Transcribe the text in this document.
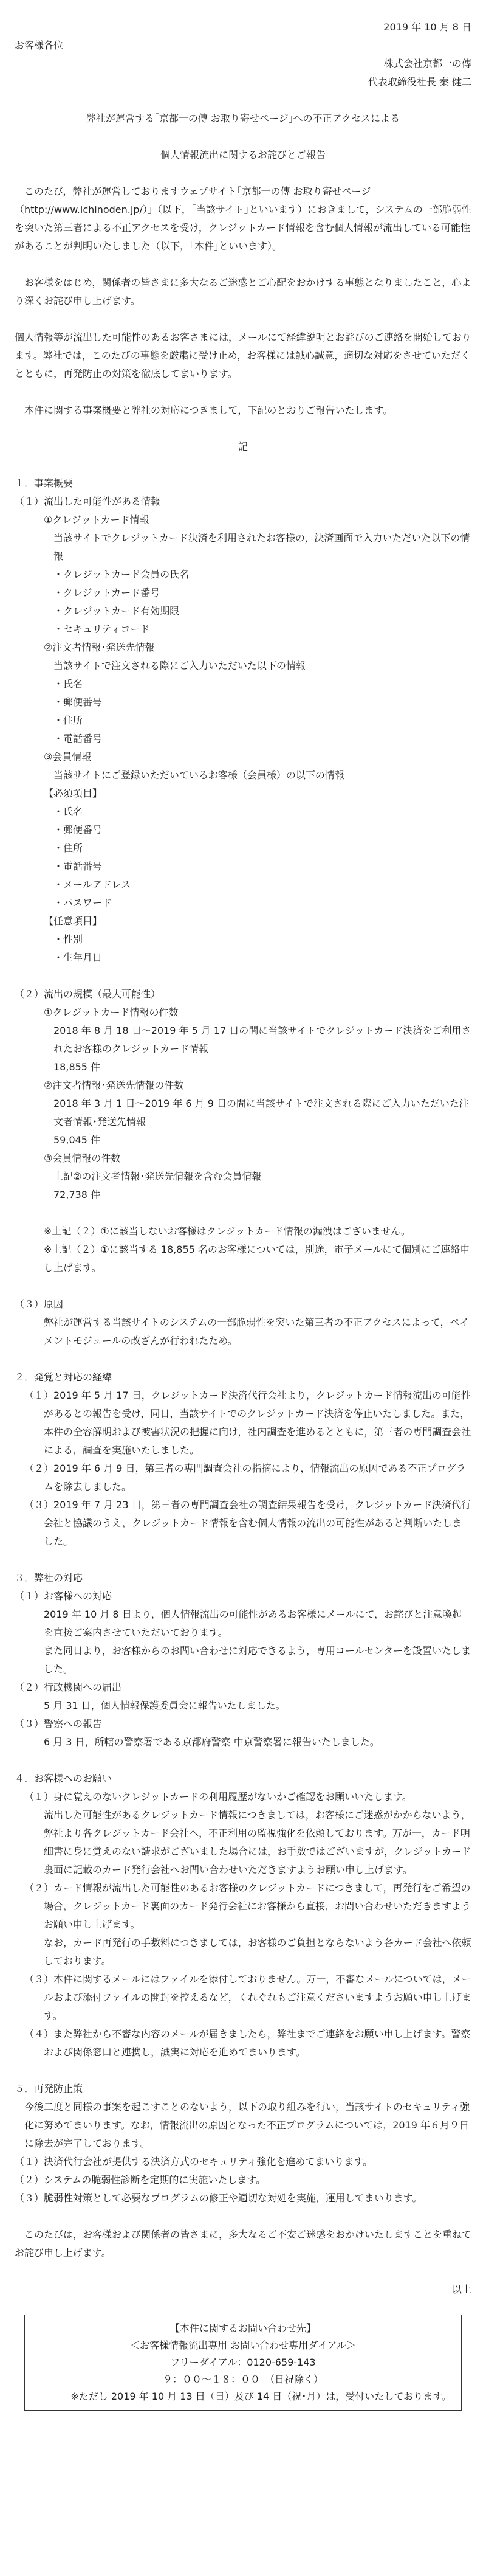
2019 年 10 月 8 日

お客様各位

株式会社京都一の傳

代表取締役社長 秦 健二

弊社が運営する｢京都一の傳 お取り寄せページ｣への不正アクセスによる

個人情報流出に関するお詫びとご報告

このたび，弊社が運営しておりますウェブサイト｢京都一の傳 お取り寄せページ（http://www.ichinoden.jp/）｣（以下，｢当該サイト｣といいます）におきまして，システムの一部脆弱性を突いた第三者による不正アクセスを受け，クレジットカード情報を含む個人情報が流出している可能性があることが判明いたしました（以下，｢本件｣といいます）。

お客様をはじめ，関係者の皆さまに多大なるご迷惑とご心配をおかけする事態となりましたこと，心より深くお詫び申し上げます。

個人情報等が流出した可能性のあるお客さまには，メールにて経緯説明とお詫びのご連絡を開始しております。弊社では，このたびの事態を厳粛に受け止め，お客様には誠心誠意，適切な対応をさせていただくとともに，再発防止の対策を徹底してまいります。

本件に関する事案概要と弊社の対応につきまして，下記のとおりご報告いたします。

記

１．事案概要

（１）流出した可能性がある情報

①クレジットカード情報

当該サイトでクレジットカード決済を利用されたお客様の，決済画面で入力いただいた以下の情報

・クレジットカード会員の氏名

・クレジットカード番号

・クレジットカード有効期限

・セキュリティコード

②注文者情報･発送先情報

当該サイトで注文される際にご入力いただいた以下の情報

・氏名

・郵便番号

・住所

・電話番号

③会員情報

当該サイトにご登録いただいているお客様（会員様）の以下の情報

【必須項目】

・氏名

・郵便番号

・住所

・電話番号

・メールアドレス

・パスワード

【任意項目】

・性別

・生年月日

（２）流出の規模（最大可能性）

①クレジットカード情報の件数

2018 年 8 月 18 日〜2019 年 5 月 17 日の間に当該サイトでクレジットカード決済をご利用されたお客様のクレジットカード情報

18,855 件

②注文者情報･発送先情報の件数

2018 年 3 月 1 日〜2019 年 6 月 9 日の間に当該サイトで注文される際にご入力いただいた注文者情報･発送先情報

59,045 件

③会員情報の件数

上記②の注文者情報･発送先情報を含む会員情報

72,738 件

※上記（２）①に該当しないお客様はクレジットカード情報の漏洩はございません。

※上記（２）①に該当する 18,855 名のお客様については，別途，電子メールにて個別にご連絡申し上げます。

（３）原因

弊社が運営する当該サイトのシステムの一部脆弱性を突いた第三者の不正アクセスによって，ペイメントモジュールの改ざんが行われたため。

２．発覚と対応の経緯

（１）2019 年 5 月 17 日，クレジットカード決済代行会社より，クレジットカード情報流出の可能性があるとの報告を受け，同日，当該サイトでのクレジットカード決済を停止いたしました。また，本件の全容解明および被害状況の把握に向け，社内調査を進めるとともに，第三者の専門調査会社による，調査を実施いたしました。

（２）2019 年 6 月 9 日，第三者の専門調査会社の指摘により，情報流出の原因である不正プログラムを除去しました。

（３）2019 年 7 月 23 日，第三者の専門調査会社の調査結果報告を受け，クレジットカード決済代行会社と協議のうえ，クレジットカード情報を含む個人情報の流出の可能性があると判断いたしました。

３．弊社の対応

（１）お客様への対応

2019 年 10 月 8 日より，個人情報流出の可能性があるお客様にメールにて，お詫びと注意喚起を直接ご案内させていただいております。

また同日より，お客様からのお問い合わせに対応できるよう，専用コールセンターを設置いたしました。

（２）行政機関への届出

5 月 31 日，個人情報保護委員会に報告いたしました。

（３）警察への報告

6 月 3 日，所轄の警察署である京都府警察 中京警察署に報告いたしました。

４．お客様へのお願い

（１）身に覚えのないクレジットカードの利用履歴がないかご確認をお願いいたします。

流出した可能性があるクレジットカード情報につきましては，お客様にご迷惑がかからないよう，弊社より各クレジットカード会社へ，不正利用の監視強化を依頼しております。万が一，カード明細書に身に覚えのない請求がございました場合には，お手数ではございますが，クレジットカード裏面に記載のカード発行会社へお問い合わせいただきますようお願い申し上げます。

（２）カード情報が流出した可能性のあるお客様のクレジットカードにつきまして，再発行をご希望の場合，クレジットカード裏面のカード発行会社にお客様から直接，お問い合わせいただきますようお願い申し上げます。

なお，カード再発行の手数料につきましては，お客様のご負担とならないよう各カード会社へ依頼しております。

（３）本件に関するメールにはファイルを添付しておりません。万一，不審なメールについては，メールおよび添付ファイルの開封を控えるなど，くれぐれもご注意くださいますようお願い申し上げます。

（４）また弊社から不審な内容のメールが届きましたら，弊社までご連絡をお願い申し上げます。警察および関係窓口と連携し，誠実に対応を進めてまいります。

５．再発防止策

今後二度と同様の事案を起こすことのないよう，以下の取り組みを行い，当該サイトのセキュリティ強化に努めてまいります。なお，情報流出の原因となった不正プログラムについては，2019 年６月９日に除去が完了しております。

（１）決済代行会社が提供する決済方式のセキュリティ強化を進めてまいります。

（２）システムの脆弱性診断を定期的に実施いたします。

（３）脆弱性対策として必要なプログラムの修正や適切な対処を実施，運用してまいります。

このたびは，お客様および関係者の皆さまに，多大なるご不安ご迷惑をおかけいたしますことを重ねてお詫び申し上げます。

以上

【本件に関するお問い合わせ先】

＜お客様情報流出専用 お問い合わせ専用ダイアル＞

フリーダイアル：0120-659-143

９：００〜１８：００　（日祝除く）

※ただし 2019 年 10 月 13 日（日）及び 14 日（祝･月）は，受付いたしております。
